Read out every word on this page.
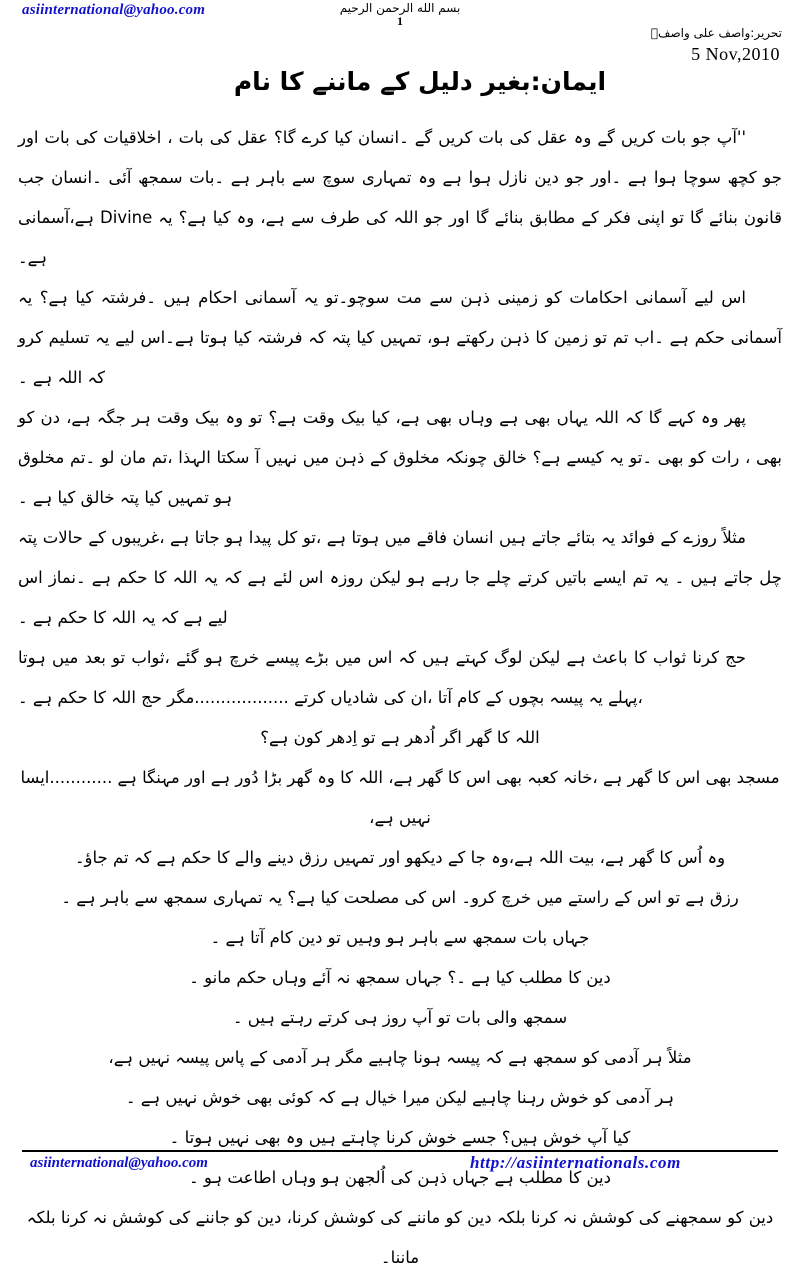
asiinternational@yahoo.com	بسم الله الرحمن الرحيم
1
تحریر:واصف علی واصفؒ
5 Nov,2010
ایمان:بغیر دلیل کے ماننے کا نام

''آپ جو بات کریں گے وہ عقل کی بات کریں گے ۔انسان کیا کرے گا؟ عقل کی بات ، اخلاقیات کی بات اور جو کچھ سوچا ہوا ہے ۔اور جو دین نازل ہوا ہے وہ تمہاری سوچ سے باہر ہے ۔بات سمجھ آئی ۔انسان جب قانون بنائے گا تو اپنی فکر کے مطابق بنائے گا اور جو اللہ کی طرف سے ہے، وہ کیا ہے؟ یہ Divine ہے،آسمانی ہے۔

اس لیے آسمانی احکامات کو زمینی ذہن سے مت سوچو۔تو یہ آسمانی احکام ہیں ۔فرشتہ کیا ہے؟ یہ آسمانی حکم ہے ۔اب تم تو زمین کا ذہن رکھتے ہو، تمہیں کیا پتہ کہ فرشتہ کیا ہوتا ہے۔اس لیے یہ تسلیم کرو کہ اللہ ہے ۔

پھر وہ کہے گا کہ اللہ یہاں بھی ہے وہاں بھی ہے، کیا بیک وقت ہے؟ تو وہ بیک وقت ہر جگہ ہے، دن کو بھی ، رات کو بھی ۔تو یہ کیسے ہے؟ خالق چونکہ مخلوق کے ذہن میں نہیں آ سکتا الہذا ،تم مان لو ۔تم مخلوق ہو تمہیں کیا پتہ خالق کیا ہے ۔

مثلاً روزے کے فوائد یہ بتائے جاتے ہیں انسان فاقے میں ہوتا ہے ،تو کل پیدا ہو جاتا ہے ،غریبوں کے حالات پتہ چل جاتے ہیں ۔ یہ تم ایسے باتیں کرتے چلے جا رہے ہو لیکن روزہ اس لئے ہے کہ یہ اللہ کا حکم ہے ۔نماز اس لیے ہے کہ یہ اللہ کا حکم ہے ۔

حج کرنا ثواب کا باعث ہے لیکن لوگ کہتے ہیں کہ اس میں بڑے پیسے خرچ ہو گئے ،ثواب تو بعد میں ہوتا ،پہلے یہ پیسہ بچوں کے کام آتا ،ان کی شادیاں کرتے ..................مگر حج اللہ کا حکم ہے ۔

اللہ کا گھر اگر اُدھر ہے تو اِدھر کون ہے؟

مسجد بھی اس کا گھر ہے ،خانہ کعبہ بھی اس کا گھر ہے، اللہ کا وہ گھر بڑا دُور ہے اور مہنگا ہے ............ایسا نہیں ہے،

وہ اُس کا گھر ہے، بیت اللہ ہے،وہ جا کے دیکھو اور تمہیں رزق دینے والے کا حکم ہے کہ تم جاؤ۔

رزق ہے تو اس کے راستے میں خرچ کرو۔ اس کی مصلحت کیا ہے؟ یہ تمہاری سمجھ سے باہر ہے ۔

جہاں بات سمجھ سے باہر ہو وہیں تو دین کام آتا ہے ۔

دین کا مطلب کیا ہے ۔؟ جہاں سمجھ نہ آئے وہاں حکم مانو ۔

سمجھ والی بات تو آپ روز ہی کرتے رہتے ہیں ۔

مثلاً ہر آدمی کو سمجھ ہے کہ پیسہ ہونا چاہیے مگر ہر آدمی کے پاس پیسہ نہیں ہے،

ہر آدمی کو خوش رہنا چاہیے لیکن میرا خیال ہے کہ کوئی بھی خوش نہیں ہے ۔

کیا آپ خوش ہیں؟ جسے خوش کرنا چاہتے ہیں وہ بھی نہیں ہوتا ۔

دین کا مطلب ہے جہاں ذہن کی اُلجھن ہو وہاں اطاعت ہو ۔

دین کو سمجھنے کی کوشش نہ کرنا بلکہ دین کو ماننے کی کوشش کرنا، دین کو جاننے کی کوشش نہ کرنا بلکہ ماننا۔

asiinternational@yahoo.com	http://asiinternationals.com
